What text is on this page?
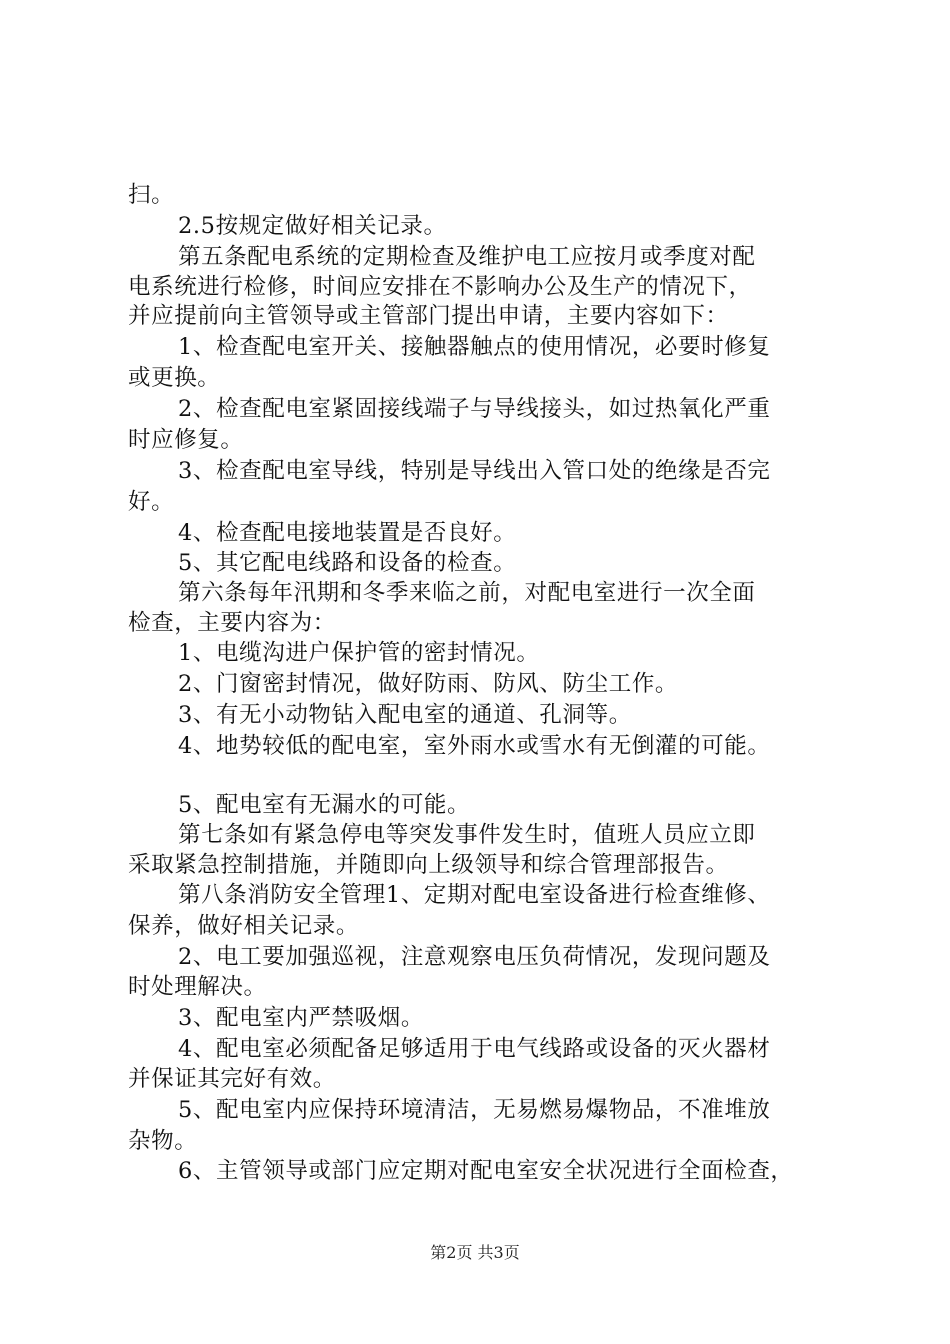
扫。
2.5按规定做好相关记录。
第五条配电系统的定期检查及维护电工应按月或季度对配
电系统进行检修，时间应安排在不影响办公及生产的情况下，
并应提前向主管领导或主管部门提出申请，主要内容如下：
1、检查配电室开关、接触器触点的使用情况，必要时修复
或更换。
2、检查配电室紧固接线端子与导线接头，如过热氧化严重
时应修复。
3、检查配电室导线，特别是导线出入管口处的绝缘是否完
好。
4、检查配电接地装置是否良好。
5、其它配电线路和设备的检查。
第六条每年汛期和冬季来临之前，对配电室进行一次全面
检查，主要内容为：
1、电缆沟进户保护管的密封情况。
2、门窗密封情况，做好防雨、防风、防尘工作。
3、有无小动物钻入配电室的通道、孔洞等。
4、地势较低的配电室，室外雨水或雪水有无倒灌的可能。
5、配电室有无漏水的可能。
第七条如有紧急停电等突发事件发生时，值班人员应立即
采取紧急控制措施，并随即向上级领导和综合管理部报告。
第八条消防安全管理1、定期对配电室设备进行检查维修、
保养，做好相关记录。
2、电工要加强巡视，注意观察电压负荷情况，发现问题及
时处理解决。
3、配电室内严禁吸烟。
4、配电室必须配备足够适用于电气线路或设备的灭火器材
并保证其完好有效。
5、配电室内应保持环境清洁，无易燃易爆物品，不准堆放
杂物。
6、主管领导或部门应定期对配电室安全状况进行全面检查，
第2页 共3页
